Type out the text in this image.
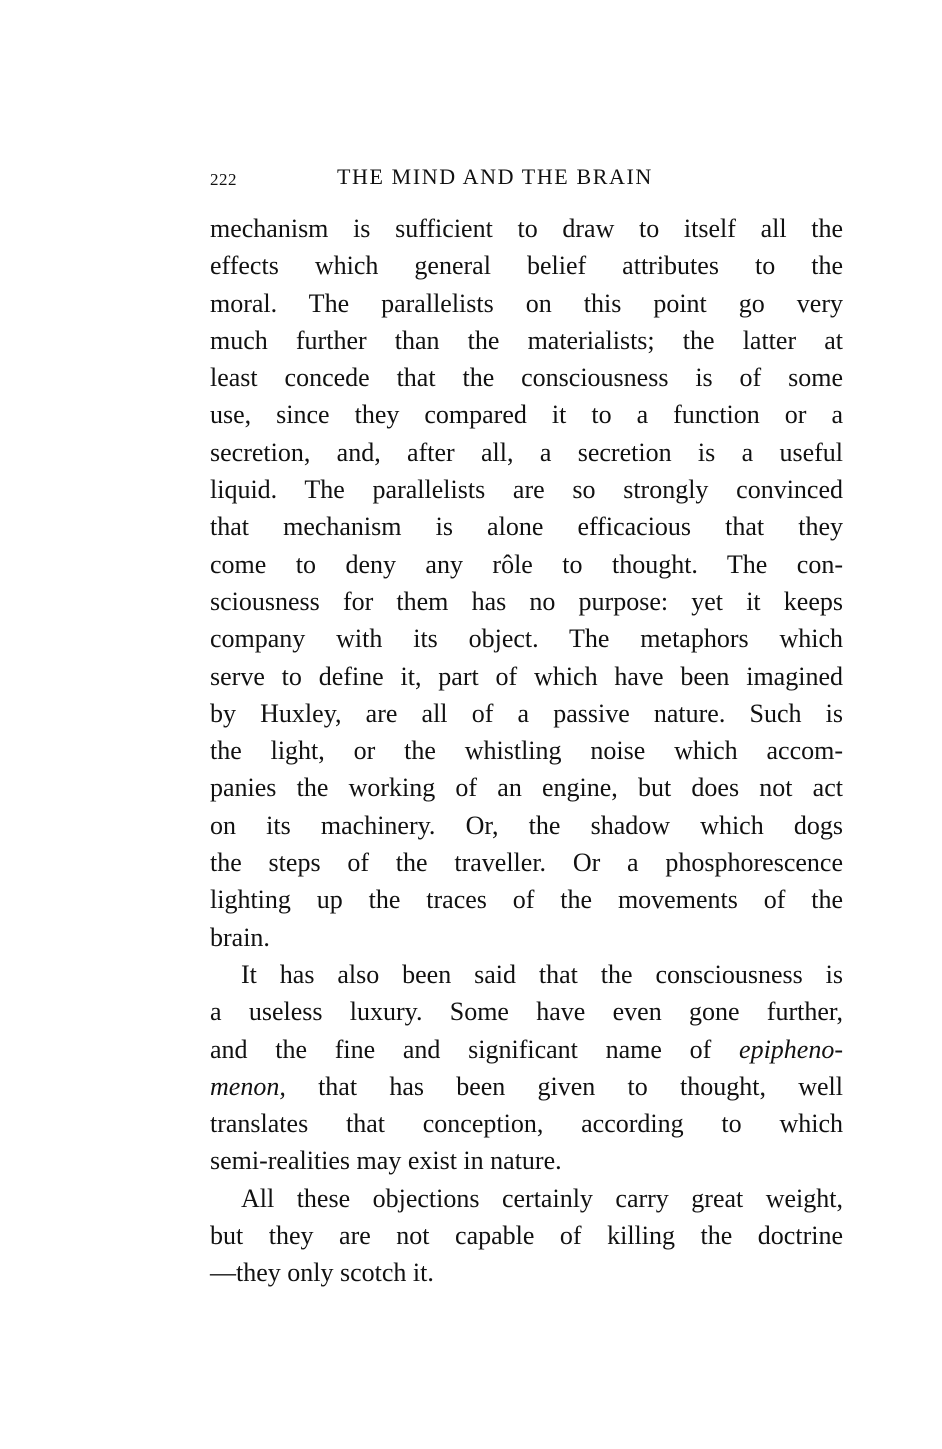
222	THE MIND AND THE BRAIN
mechanism is sufficient to draw to itself all the
effects which general belief attributes to the
moral. The parallelists on this point go very
much further than the materialists; the latter at
least concede that the consciousness is of some
use, since they compared it to a function or a
secretion, and, after all, a secretion is a useful
liquid. The parallelists are so strongly convinced
that mechanism is alone efficacious that they
come to deny any rôle to thought. The con-
sciousness for them has no purpose: yet it keeps
company with its object. The metaphors which
serve to define it, part of which have been imagined
by Huxley, are all of a passive nature. Such is
the light, or the whistling noise which accom-
panies the working of an engine, but does not act
on its machinery. Or, the shadow which dogs
the steps of the traveller. Or a phosphorescence
lighting up the traces of the movements of the
brain.
It has also been said that the consciousness is
a useless luxury. Some have even gone further,
and the fine and significant name of epipheno-
menon, that has been given to thought, well
translates that conception, according to which
semi-realities may exist in nature.
All these objections certainly carry great weight,
but they are not capable of killing the doctrine
—they only scotch it.
